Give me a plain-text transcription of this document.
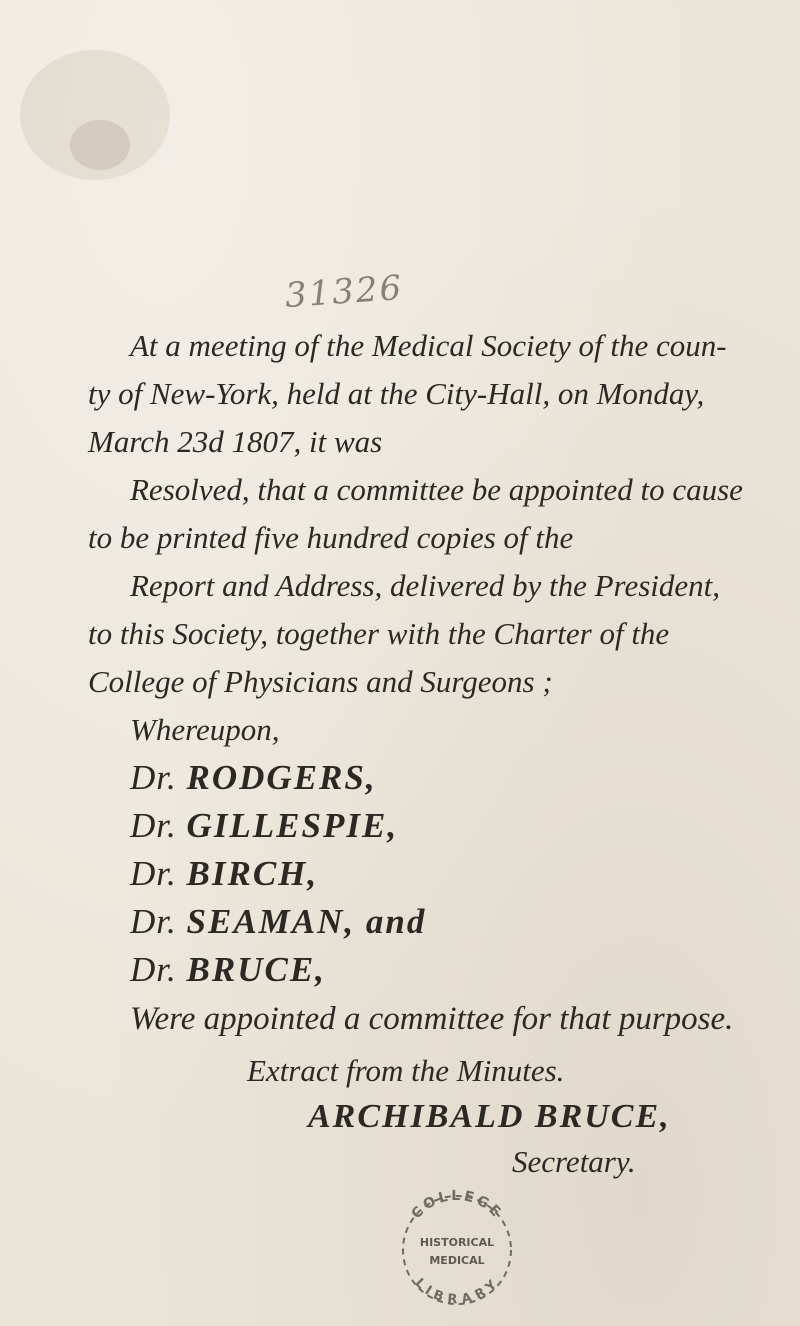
31326
At a meeting of the Medical Society of the coun-
ty of New-York, held at the City-Hall, on Monday,
March 23d 1807, it was
Resolved, that a committee be appointed to cause
to be printed five hundred copies of the
Report and Address, delivered by the President,
to this Society, together with the Charter of the
College of Physicians and Surgeons ;
Whereupon,
Dr. RODGERS,
Dr. GILLESPIE,
Dr. BIRCH,
Dr. SEAMAN, and
Dr. BRUCE,
Were appointed a committee for that purpose.
Extract from the Minutes.
ARCHIBALD BRUCE,
Secretary.
COLLEGE
HISTORICAL
MEDICAL
LIBRARY
